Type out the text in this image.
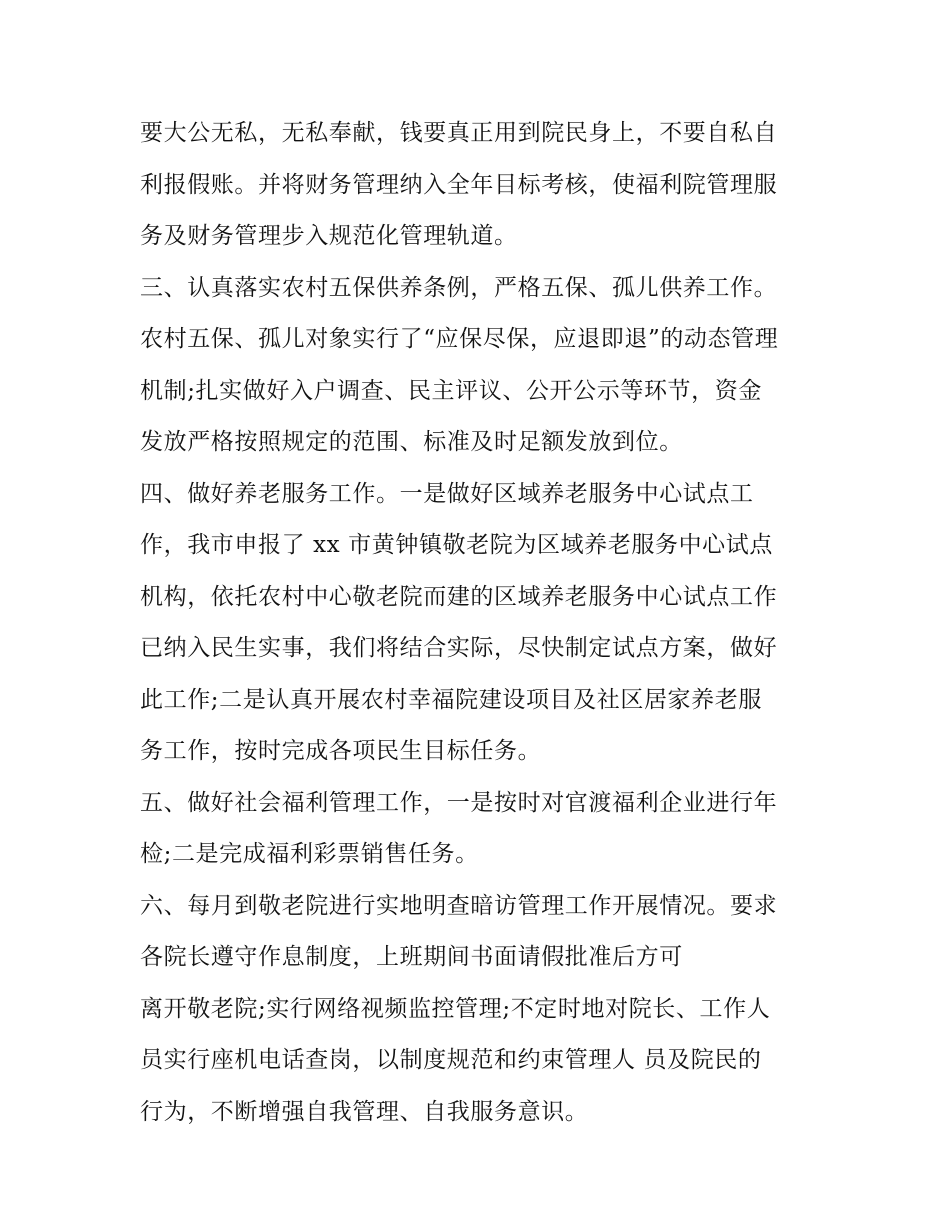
要大公无私，无私奉献，钱要真正用到院民身上，不要自私自
利报假账。并将财务管理纳入全年目标考核，使福利院管理服
务及财务管理步入规范化管理轨道。
三、认真落实农村五保供养条例，严格五保、孤儿供养工作。
农村五保、孤儿对象实行了“应保尽保，应退即退”的动态管理
机制;扎实做好入户调查、民主评议、公开公示等环节，资金
发放严格按照规定的范围、标准及时足额发放到位。
四、做好养老服务工作。一是做好区域养老服务中心试点工
作，我市申报了 xx 市黄钟镇敬老院为区域养老服务中心试点
机构，依托农村中心敬老院而建的区域养老服务中心试点工作
已纳入民生实事，我们将结合实际，尽快制定试点方案，做好
此工作;二是认真开展农村幸福院建设项目及社区居家养老服
务工作，按时完成各项民生目标任务。
五、做好社会福利管理工作，一是按时对官渡福利企业进行年
检;二是完成福利彩票销售任务。
六、每月到敬老院进行实地明查暗访管理工作开展情况。要求
各院长遵守作息制度，上班期间书面请假批准后方可
离开敬老院;实行网络视频监控管理;不定时地对院长、工作人
员实行座机电话查岗，以制度规范和约束管理人 员及院民的
行为，不断增强自我管理、自我服务意识。
